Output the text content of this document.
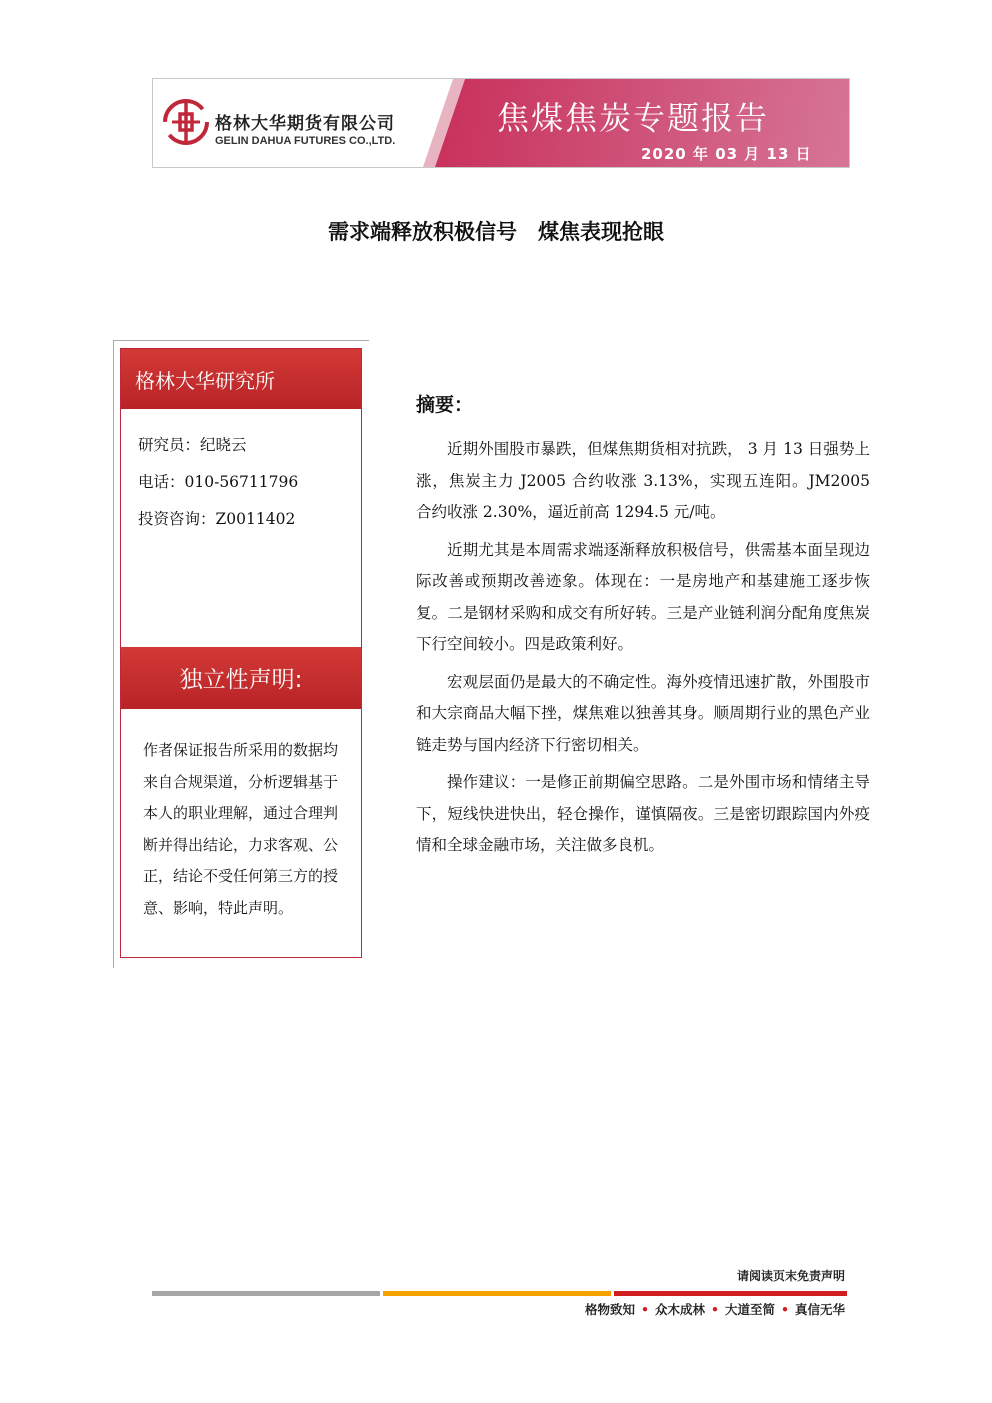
格林大华期货有限公司
GELIN DAHUA FUTURES CO.,LTD.
焦煤焦炭专题报告
2020 年 03 月 13 日
需求端释放积极信号　煤焦表现抢眼
格林大华研究所
研究员：纪晓云
电话：010-56711796
投资咨询：Z0011402
独立性声明:
作者保证报告所采用的数据均来自合规渠道，分析逻辑基于本人的职业理解，通过合理判断并得出结论，力求客观、公正，结论不受任何第三方的授意、影响，特此声明。
摘要：

近期外围股市暴跌，但煤焦期货相对抗跌， 3 月 13 日强势上涨，焦炭主力 J2005 合约收涨 3.13%，实现五连阳。JM2005 合约收涨 2.30%，逼近前高 1294.5 元/吨。

近期尤其是本周需求端逐渐释放积极信号，供需基本面呈现边际改善或预期改善迹象。体现在：一是房地产和基建施工逐步恢复。二是钢材采购和成交有所好转。三是产业链利润分配角度焦炭下行空间较小。四是政策利好。

宏观层面仍是最大的不确定性。海外疫情迅速扩散，外围股市和大宗商品大幅下挫，煤焦难以独善其身。顺周期行业的黑色产业链走势与国内经济下行密切相关。

操作建议：一是修正前期偏空思路。二是外围市场和情绪主导下，短线快进快出，轻仓操作，谨慎隔夜。三是密切跟踪国内外疫情和全球金融市场，关注做多良机。

请阅读页末免责声明
格物致知 • 众木成林 • 大道至简 • 真信无华
